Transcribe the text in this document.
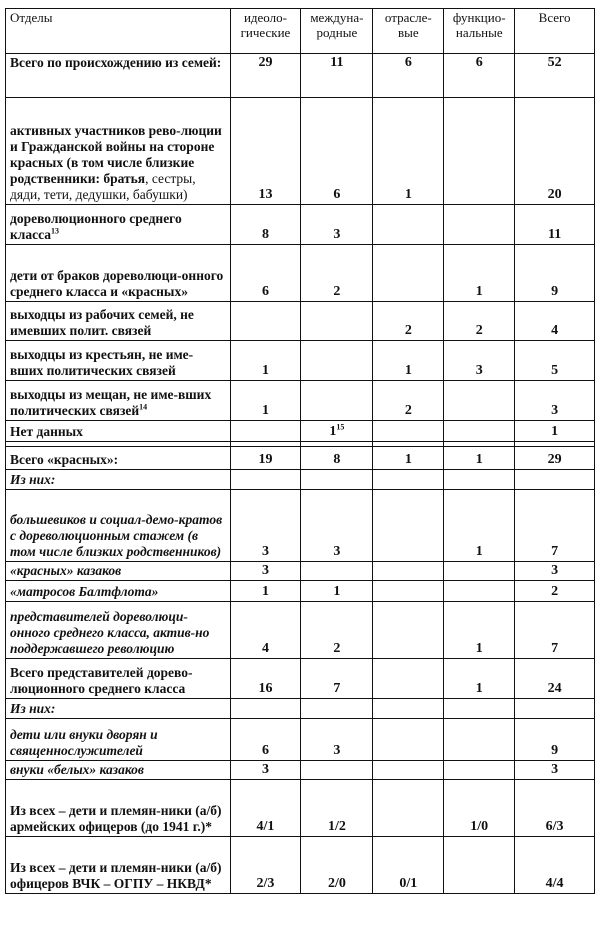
Отделы	идеоло-гические	междуна-родные	отрасле-вые	функцио-нальные	Всего
Всего по происхождению из семей:	29	11	6	6	52
активных участников рево-люции и Гражданской войны на стороне красных (в том числе близкие родственники: братья, сестры, дяди, тети, дедушки, бабушки)	13	6	1		20
дореволюционного среднего класса$^{13}$	8	3			11
дети от браков дореволюци-онного среднего класса и «красных»	6	2		1	9
выходцы из рабочих семей, не имевших полит. связей			2	2	4
выходцы из крестьян, не име-вших политических связей	1		1	3	5
выходцы из мещан, не име-вших политических связей$^{14}$	1		2		3
Нет данных		$1^{15}$			1

Всего «красных»:	19	8	1	1	29
Из них:					
большевиков и социал-демо-кратов с дореволюционным стажем (в том числе близких родственников)	3	3		1	7
«красных» казаков	3				3
«матросов Балтфлота»	1	1			2
представителей дореволюци-онного среднего класса, актив-но поддержавшего революцию	4	2		1	7
Всего представителей дорево-люционного среднего класса	16	7		1	24
Из них:					
дети или внуки дворян и священнослужителей	6	3			9
внуки «белых» казаков	3				3
Из всех – дети и племян-ники (а/б) армейских офицеров (до 1941 г.)*	4/1	1/2		1/0	6/3
Из всех – дети и племян-ники (а/б) офицеров ВЧК – ОГПУ – НКВД*	2/3	2/0	0/1		4/4
